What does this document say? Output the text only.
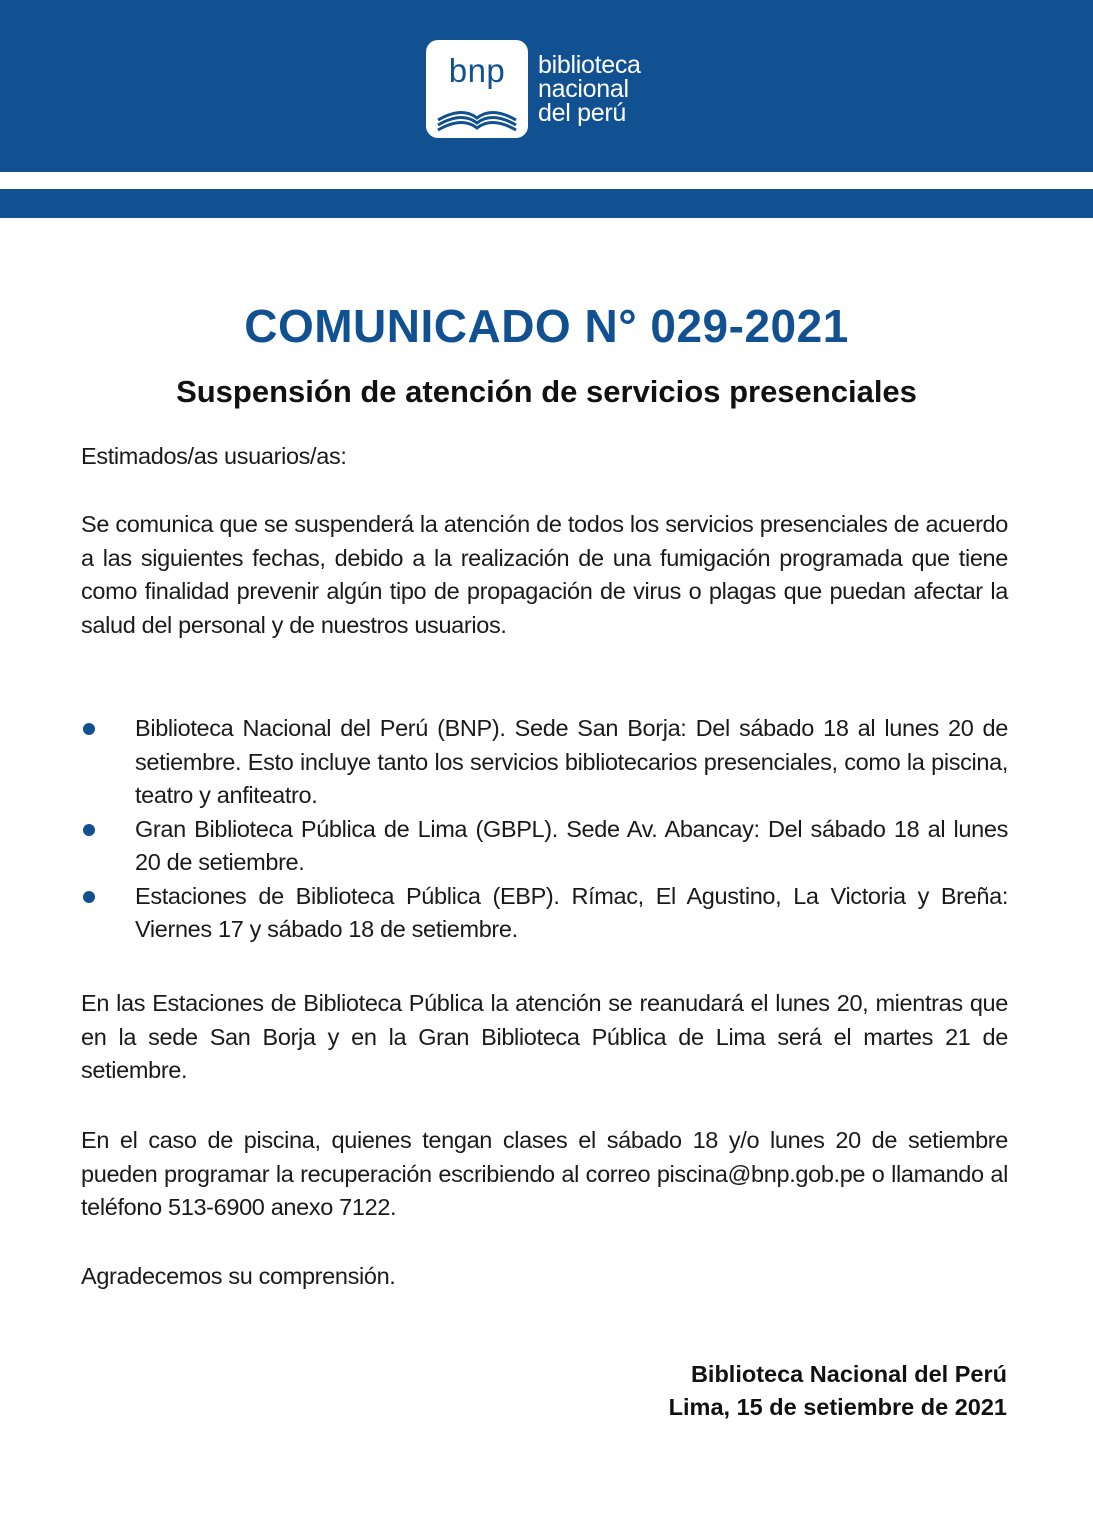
bnp	biblioteca
nacional
del perú
COMUNICADO N° 029-2021
Suspensión de atención de servicios presenciales

Estimados/as usuarios/as:

Se comunica que se suspenderá la atención de todos los servicios presenciales de acuerdo a las siguientes fechas, debido a la realización de una fumigación programada que tiene como finalidad prevenir algún tipo de propagación de virus o plagas que puedan afectar la salud del personal y de nuestros usuarios.

Biblioteca Nacional del Perú (BNP). Sede San Borja: Del sábado 18 al lunes 20 de setiembre. Esto incluye tanto los servicios bibliotecarios presenciales, como la piscina, teatro y anfiteatro.
Gran Biblioteca Pública de Lima (GBPL). Sede Av. Abancay: Del sábado 18 al lunes 20 de setiembre.
Estaciones de Biblioteca Pública (EBP). Rímac, El Agustino, La Victoria y Breña: Viernes 17 y sábado 18 de setiembre.

En las Estaciones de Biblioteca Pública la atención se reanudará el lunes 20, mientras que en la sede San Borja y en la Gran Biblioteca Pública de Lima será el martes 21 de setiembre.

En el caso de piscina, quienes tengan clases el sábado 18 y/o lunes 20 de setiembre pueden programar la recuperación escribiendo al correo piscina@bnp.gob.pe o llamando al teléfono 513-6900 anexo 7122.

Agradecemos su comprensión.

Biblioteca Nacional del Perú
Lima, 15 de setiembre de 2021
